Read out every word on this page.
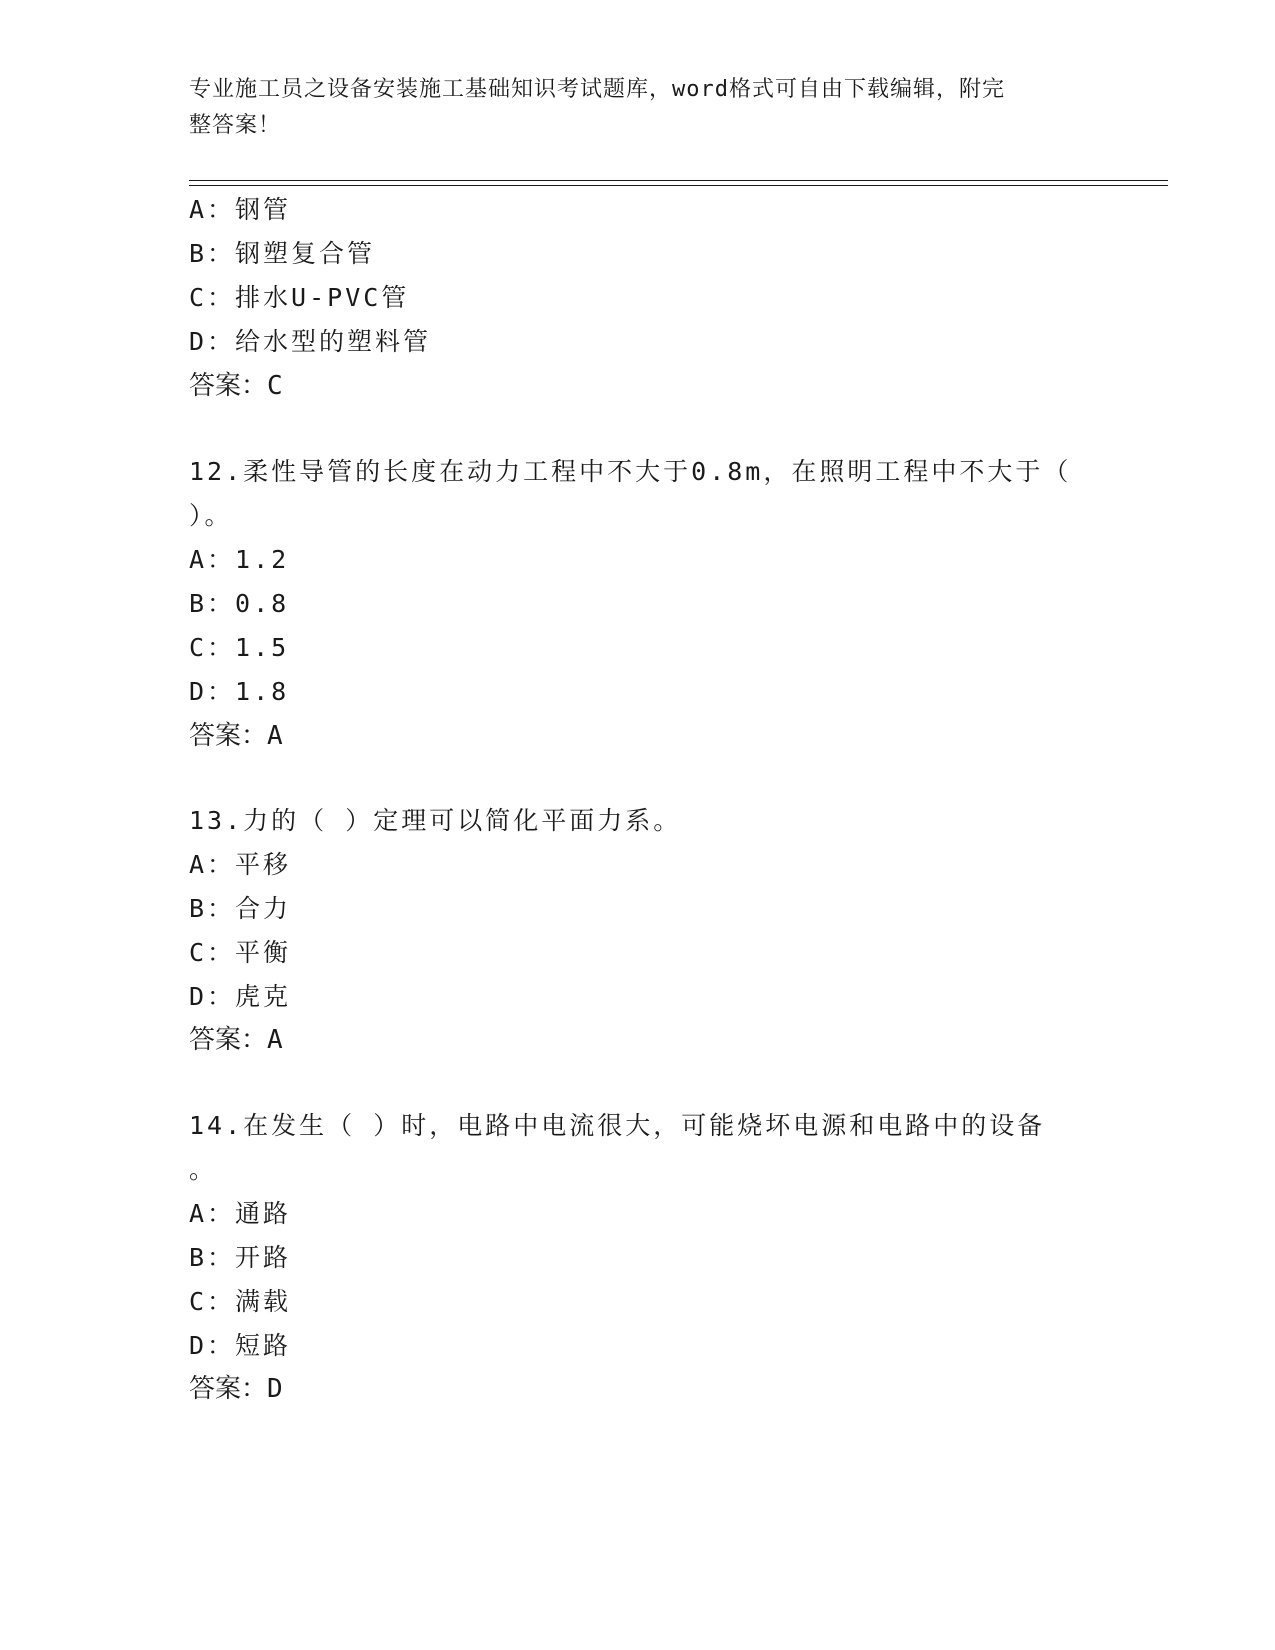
专业施工员之设备安装施工基础知识考试题库，word格式可自由下载编辑，附完
整答案！
A：钢管
B：钢塑复合管
C：排水U-PVC管
D：给水型的塑料管
答案：C
12.柔性导管的长度在动力工程中不大于0.8m，在照明工程中不大于（
）。
A：1.2
B：0.8
C：1.5
D：1.8
答案：A
13.力的（ ）定理可以简化平面力系。
A：平移
B：合力
C：平衡
D：虎克
答案：A
14.在发生（ ）时，电路中电流很大，可能烧坏电源和电路中的设备
。
A：通路
B：开路
C：满载
D：短路
答案：D
